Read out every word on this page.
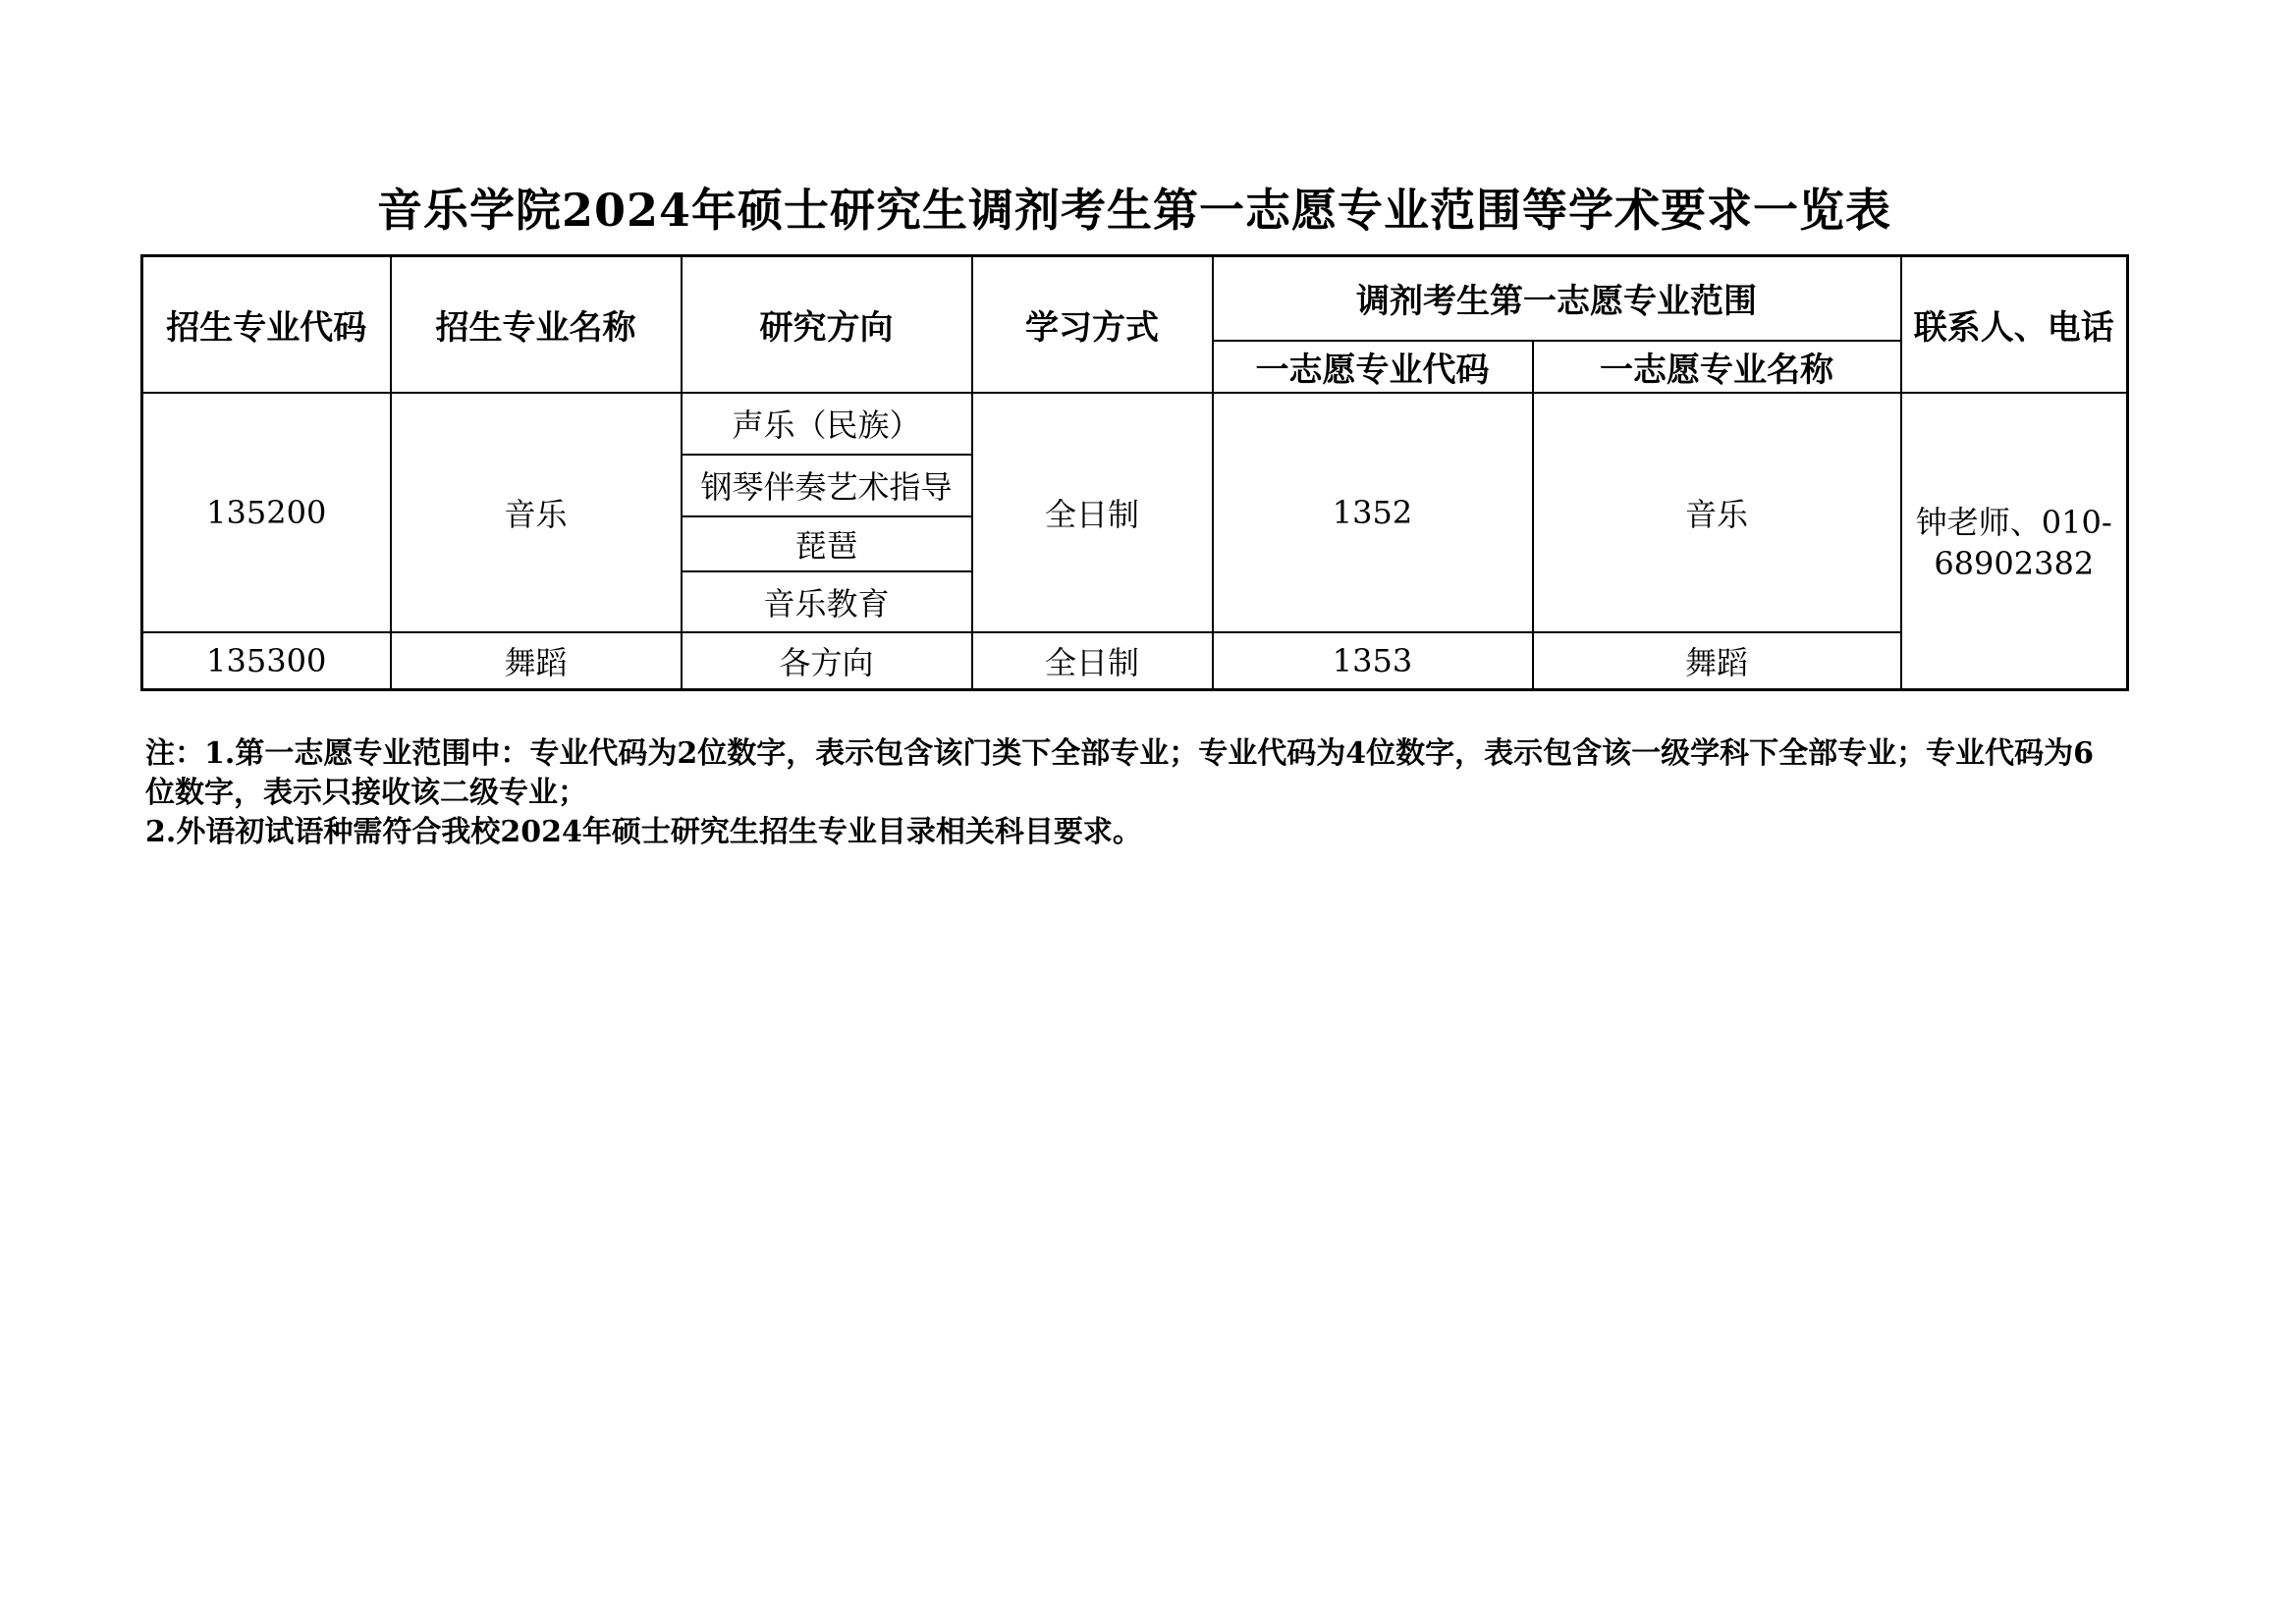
音乐学院2024年硕士研究生调剂考生第一志愿专业范围等学术要求一览表
招生专业代码	招生专业名称	研究方向	学习方式	调剂考生第一志愿专业范围		联系人、电话
				一志愿专业代码	一志愿专业名称	
135200	音乐	声乐（民族）	全日制	1352	音乐	钟老师、010-68902382
		钢琴伴奏艺术指导				
		琵琶				
		音乐教育				
135300	舞蹈	各方向	全日制	1353	舞蹈	

注：1.第一志愿专业范围中：专业代码为2位数字，表示包含该门类下全部专业；专业代码为4位数字，表示包含该一级学科下全部专业；专业代码为6位数字，表示只接收该二级专业；

2.外语初试语种需符合我校2024年硕士研究生招生专业目录相关科目要求。
